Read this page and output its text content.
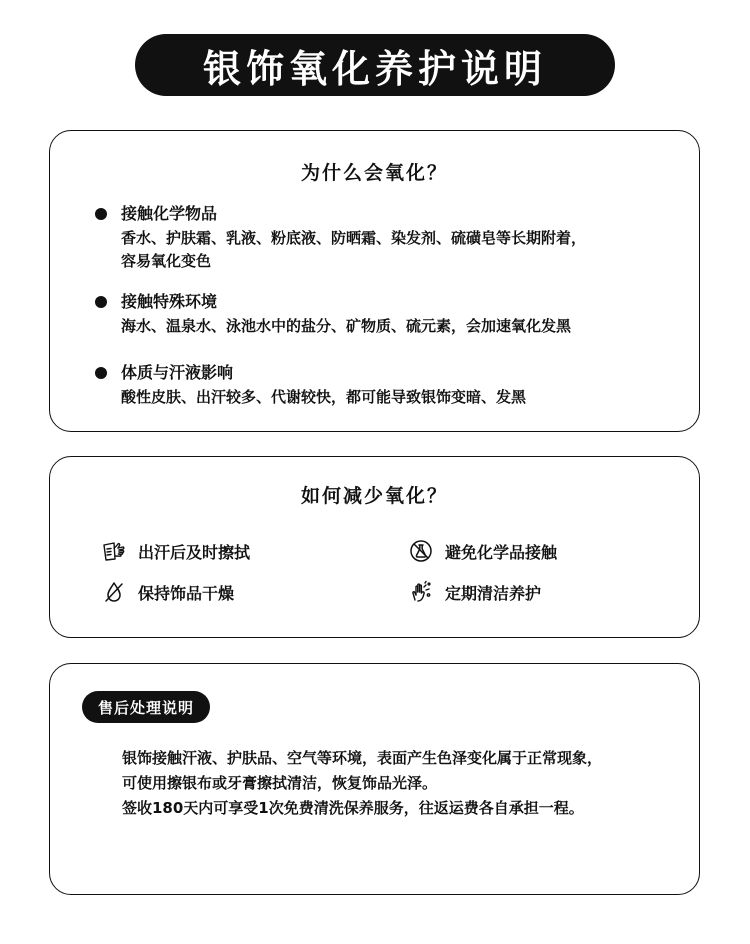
银饰氧化养护说明
为什么会氧化？
接触化学物品
香水、护肤霜、乳液、粉底液、防晒霜、染发剂、硫磺皂等长期附着，
容易氧化变色
接触特殊环境
海水、温泉水、泳池水中的盐分、矿物质、硫元素，会加速氧化发黑
体质与汗液影响
酸性皮肤、出汗较多、代谢较快，都可能导致银饰变暗、发黑
如何减少氧化？
出汗后及时擦拭	避免化学品接触
保持饰品干燥	定期清洁养护
售后处理说明
银饰接触汗液、护肤品、空气等环境，表面产生色泽变化属于正常现象，
可使用擦银布或牙膏擦拭清洁，恢复饰品光泽。
签收180天内可享受1次免费清洗保养服务，往返运费各自承担一程。
